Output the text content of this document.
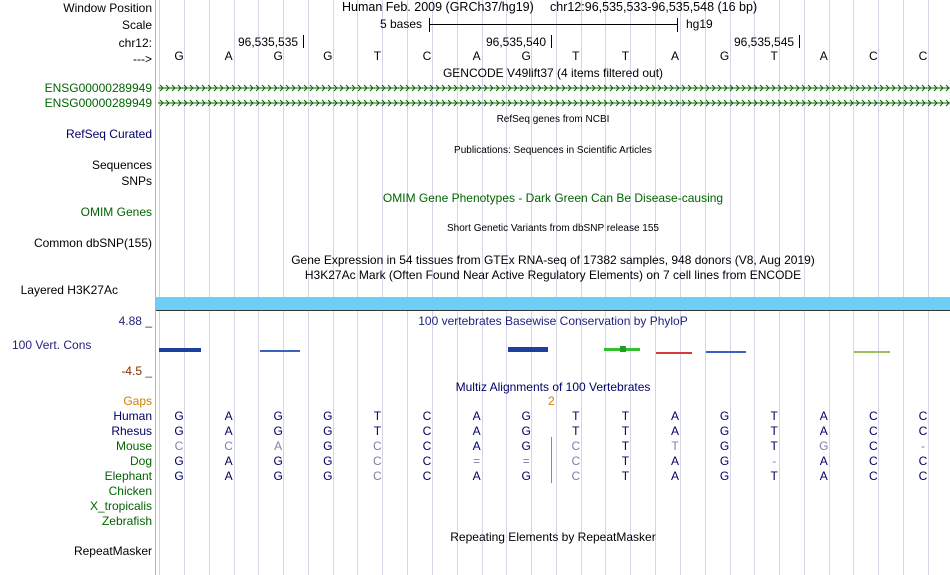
Window Position	Human Feb. 2009 (GRCh37/hg19) chr12:96,535,533-96,535,548 (16 bp)
Scale	5 bases	hg19
chr12:	96,535,535	96,535,540	96,535,545
--->	G	A	G	G	T	C	A	G	T	T	A	G	T	A	C	C
GENCODE V49lift37 (4 items filtered out)
ENSG00000289949
ENSG00000289949
RefSeq genes from NCBI
RefSeq Curated
Publications: Sequences in Scientific Articles
Sequences
SNPs
OMIM Gene Phenotypes - Dark Green Can Be Disease-causing
OMIM Genes
Short Genetic Variants from dbSNP release 155
Common dbSNP(155)
Gene Expression in 54 tissues from GTEx RNA-seq of 17382 samples, 948 donors (V8, Aug 2019)
H3K27Ac Mark (Often Found Near Active Regulatory Elements) on 7 cell lines from ENCODE
Layered H3K27Ac
4.88 _	100 vertebrates Basewise Conservation by PhyloP
100 Vert. Cons
-4.5 _
Multiz Alignments of 100 Vertebrates
Gaps	2
Human	G	A	G	G	T	C	A	G	T	T	A	G	T	A	C	C
Rhesus	G	A	G	G	T	C	A	G	T	T	A	G	T	A	C	C
Mouse	C	C	A	G	C	C	A	G	C	T	T	G	T	G	C	-
Dog	G	A	G	G	C	C	=	=	C	T	A	G	-	A	C	C
Elephant	G	A	G	G	C	C	A	G	C	T	A	G	T	A	C	C
Chicken
X_tropicalis
Zebrafish
Repeating Elements by RepeatMasker
RepeatMasker
